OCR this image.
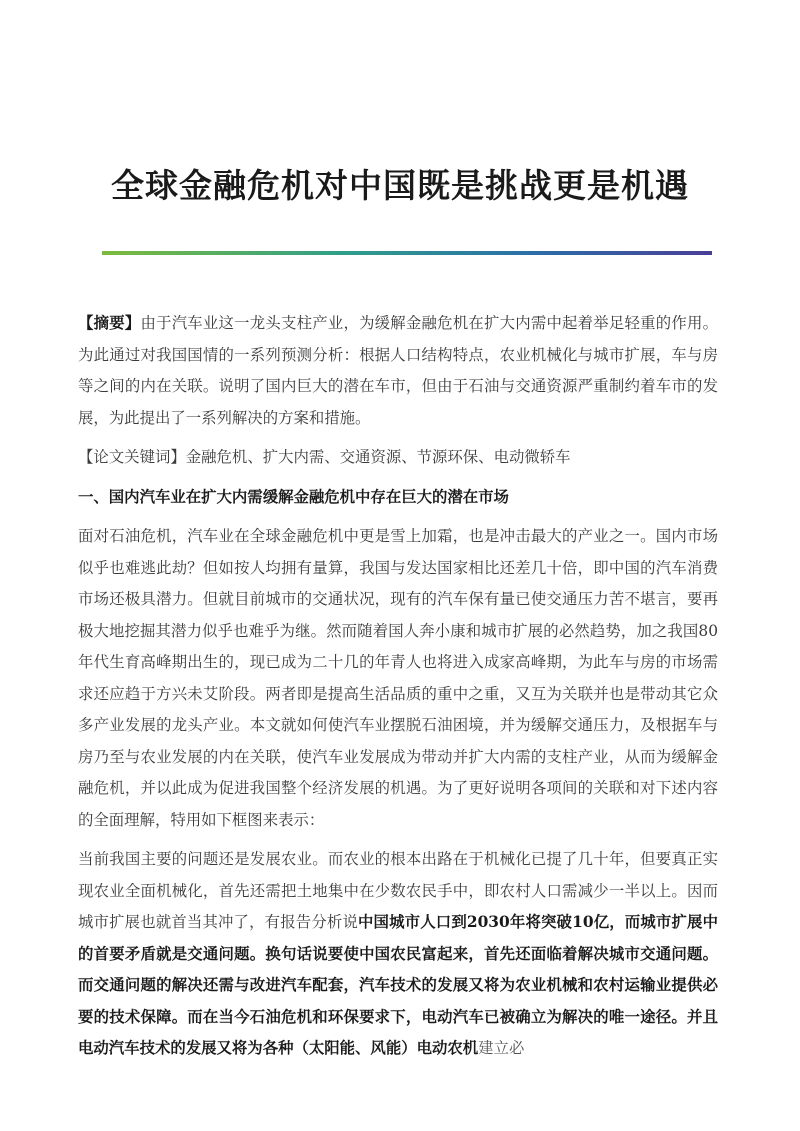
全球金融危机对中国既是挑战更是机遇

【摘要】由于汽车业这一龙头支柱产业，为缓解金融危机在扩大内需中起着举足轻重的作用。为此通过对我国国情的一系列预测分析：根据人口结构特点，农业机械化与城市扩展，车与房等之间的内在关联。说明了国内巨大的潜在车市，但由于石油与交通资源严重制约着车市的发展，为此提出了一系列解决的方案和措施。

【论文关键词】金融危机、扩大内需、交通资源、节源环保、电动微轿车

一、国内汽车业在扩大内需缓解金融危机中存在巨大的潜在市场

面对石油危机，汽车业在全球金融危机中更是雪上加霜，也是冲击最大的产业之一。国内市场似乎也难逃此劫？但如按人均拥有量算，我国与发达国家相比还差几十倍，即中国的汽车消费市场还极具潜力。但就目前城市的交通状况，现有的汽车保有量已使交通压力苦不堪言，要再极大地挖掘其潜力似乎也难乎为继。然而随着国人奔小康和城市扩展的必然趋势，加之我国80年代生育高峰期出生的，现已成为二十几的年青人也将进入成家高峰期，为此车与房的市场需求还应趋于方兴未艾阶段。两者即是提高生活品质的重中之重，又互为关联并也是带动其它众多产业发展的龙头产业。本文就如何使汽车业摆脱石油困境，并为缓解交通压力，及根据车与房乃至与农业发展的内在关联，使汽车业发展成为带动并扩大内需的支柱产业，从而为缓解金融危机，并以此成为促进我国整个经济发展的机遇。为了更好说明各项间的关联和对下述内容的全面理解，特用如下框图来表示：

当前我国主要的问题还是发展农业。而农业的根本出路在于机械化已提了几十年，但要真正实现农业全面机械化，首先还需把土地集中在少数农民手中，即农村人口需减少一半以上。因而城市扩展也就首当其冲了，有报告分析说中国城市人口到2030年将突破10亿，而城市扩展中的首要矛盾就是交通问题。换句话说要使中国农民富起来，首先还面临着解决城市交通问题。而交通问题的解决还需与改进汽车配套，汽车技术的发展又将为农业机械和农村运输业提供必要的技术保障。而在当今石油危机和环保要求下，电动汽车已被确立为解决的唯一途径。并且电动汽车技术的发展又将为各种（太阳能、风能）电动农机建立必
